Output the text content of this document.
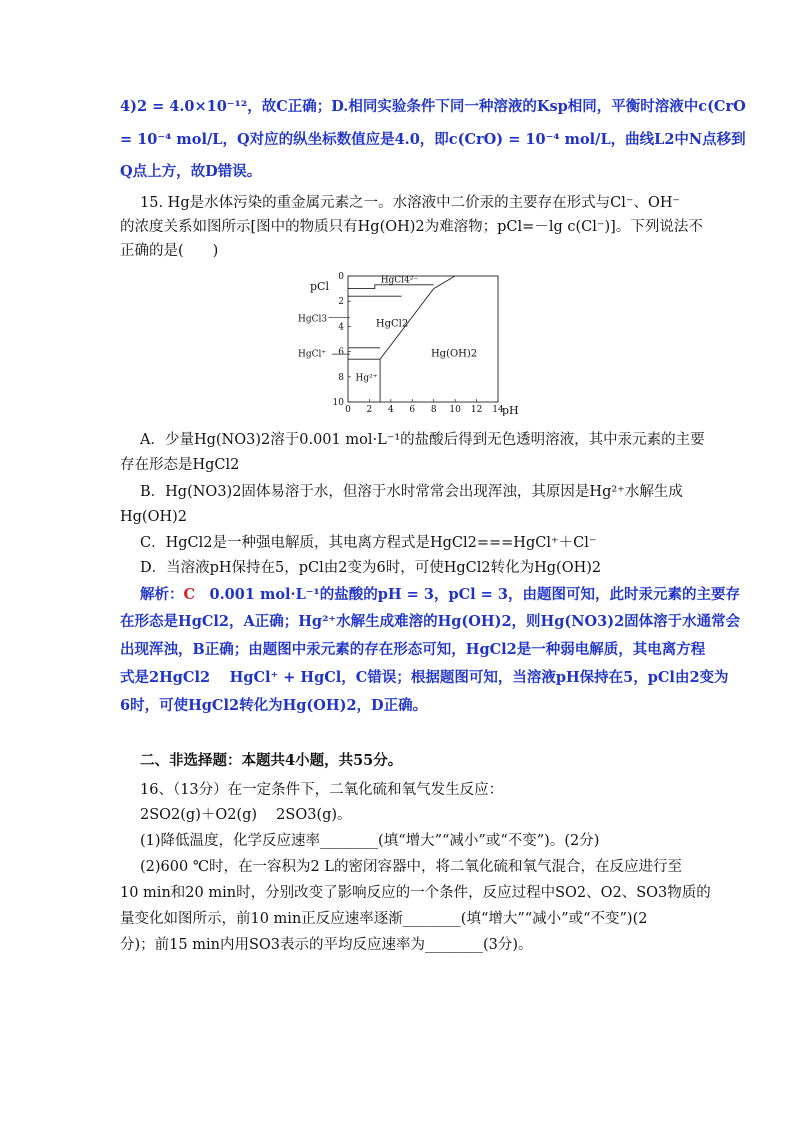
4)2 = 4.0×10⁻¹²，故C正确；D.相同实验条件下同一种溶液的Ksp相同，平衡时溶液中c(CrO
= 10⁻⁴ mol/L，Q对应的纵坐标数值应是4.0，即c(CrO) = 10⁻⁴ mol/L，曲线L2中N点移到
Q点上方，故D错误。
15. Hg是水体污染的重金属元素之一。水溶液中二价汞的主要存在形式与Cl⁻、OH⁻
的浓度关系如图所示[图中的物质只有Hg(OH)2为难溶物；pCl=－lg c(Cl⁻)]。下列说法不
正确的是(　　)
0 2 4 6 8 10 12 14
0
2
4
6
8
10
pCl
pH
HgCl4²⁻
HgCl3⁻	HgCl2
HgCl⁺
Hg²⁺
Hg(OH)2
A．少量Hg(NO3)2溶于0.001 mol·L⁻¹的盐酸后得到无色透明溶液，其中汞元素的主要
存在形态是HgCl2
B．Hg(NO3)2固体易溶于水，但溶于水时常常会出现浑浊，其原因是Hg²⁺水解生成
Hg(OH)2
C．HgCl2是一种强电解质，其电离方程式是HgCl2===HgCl⁺＋Cl⁻
D．当溶液pH保持在5，pCl由2变为6时，可使HgCl2转化为Hg(OH)2
解析：C　0.001 mol·L⁻¹的盐酸的pH = 3，pCl = 3，由题图可知，此时汞元素的主要存
在形态是HgCl2，A正确；Hg²⁺水解生成难溶的Hg(OH)2，则Hg(NO3)2固体溶于水通常会
出现浑浊，B正确；由题图中汞元素的存在形态可知，HgCl2是一种弱电解质，其电离方程
式是2HgCl2　 HgCl⁺ + HgCl，C错误；根据题图可知，当溶液pH保持在5，pCl由2变为
6时，可使HgCl2转化为Hg(OH)2，D正确。
二、非选择题：本题共4小题，共55分。
16、（13分）在一定条件下，二氧化硫和氧气发生反应：
2SO2(g)＋O2(g)　 2SO3(g)。
(1)降低温度，化学反应速率________(填“增大”“减小”或“不变”)。(2分)
(2)600 ℃时，在一容积为2 L的密闭容器中，将二氧化硫和氧气混合，在反应进行至
10 min和20 min时，分别改变了影响反应的一个条件，反应过程中SO2、O2、SO3物质的
量变化如图所示，前10 min正反应速率逐渐________(填“增大”“减小”或“不变”)(2
分)；前15 min内用SO3表示的平均反应速率为________(3分)。
